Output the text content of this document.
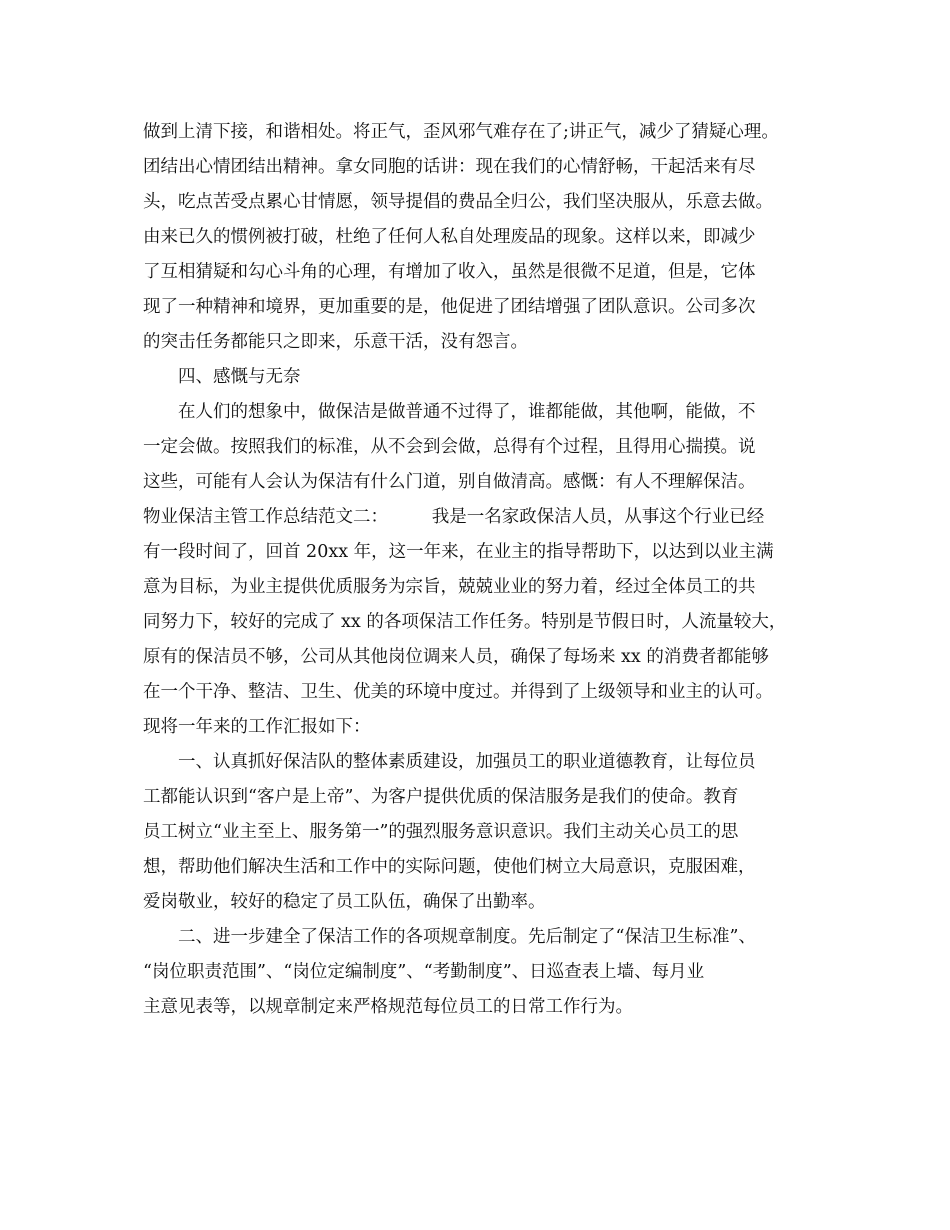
做到上清下接，和谐相处。将正气，歪风邪气难存在了;讲正气，减少了猜疑心理。

团结出心情团结出精神。拿女同胞的话讲：现在我们的心情舒畅，干起活来有尽

头，吃点苦受点累心甘情愿，领导提倡的费品全归公，我们坚决服从，乐意去做。

由来已久的惯例被打破，杜绝了任何人私自处理废品的现象。这样以来，即减少

了互相猜疑和勾心斗角的心理，有增加了收入，虽然是很微不足道，但是，它体

现了一种精神和境界，更加重要的是，他促进了团结增强了团队意识。公司多次

的突击任务都能只之即来，乐意干活，没有怨言。

四、感慨与无奈

在人们的想象中，做保洁是做普通不过得了，谁都能做，其他啊，能做，不

一定会做。按照我们的标准，从不会到会做，总得有个过程，且得用心揣摸。说

这些，可能有人会认为保洁有什么门道，别自做清高。感慨：有人不理解保洁。

物业保洁主管工作总结范文二：　　　我是一名家政保洁人员，从事这个行业已经

有一段时间了，回首 20xx 年，这一年来，在业主的指导帮助下，以达到以业主满

意为目标，为业主提供优质服务为宗旨，兢兢业业的努力着，经过全体员工的共

同努力下，较好的完成了 xx 的各项保洁工作任务。特别是节假日时，人流量较大，

原有的保洁员不够，公司从其他岗位调来人员，确保了每场来 xx 的消费者都能够

在一个干净、整洁、卫生、优美的环境中度过。并得到了上级领导和业主的认可。

现将一年来的工作汇报如下：

一、认真抓好保洁队的整体素质建设，加强员工的职业道德教育，让每位员

工都能认识到“客户是上帝”、为客户提供优质的保洁服务是我们的使命。教育

员工树立“业主至上、服务第一”的强烈服务意识意识。我们主动关心员工的思

想，帮助他们解决生活和工作中的实际问题，使他们树立大局意识，克服困难，

爱岗敬业，较好的稳定了员工队伍，确保了出勤率。

二、进一步建全了保洁工作的各项规章制度。先后制定了“保洁卫生标准”、

“岗位职责范围”、“岗位定编制度”、“考勤制度”、日巡查表上墙、每月业

主意见表等，以规章制定来严格规范每位员工的日常工作行为。
